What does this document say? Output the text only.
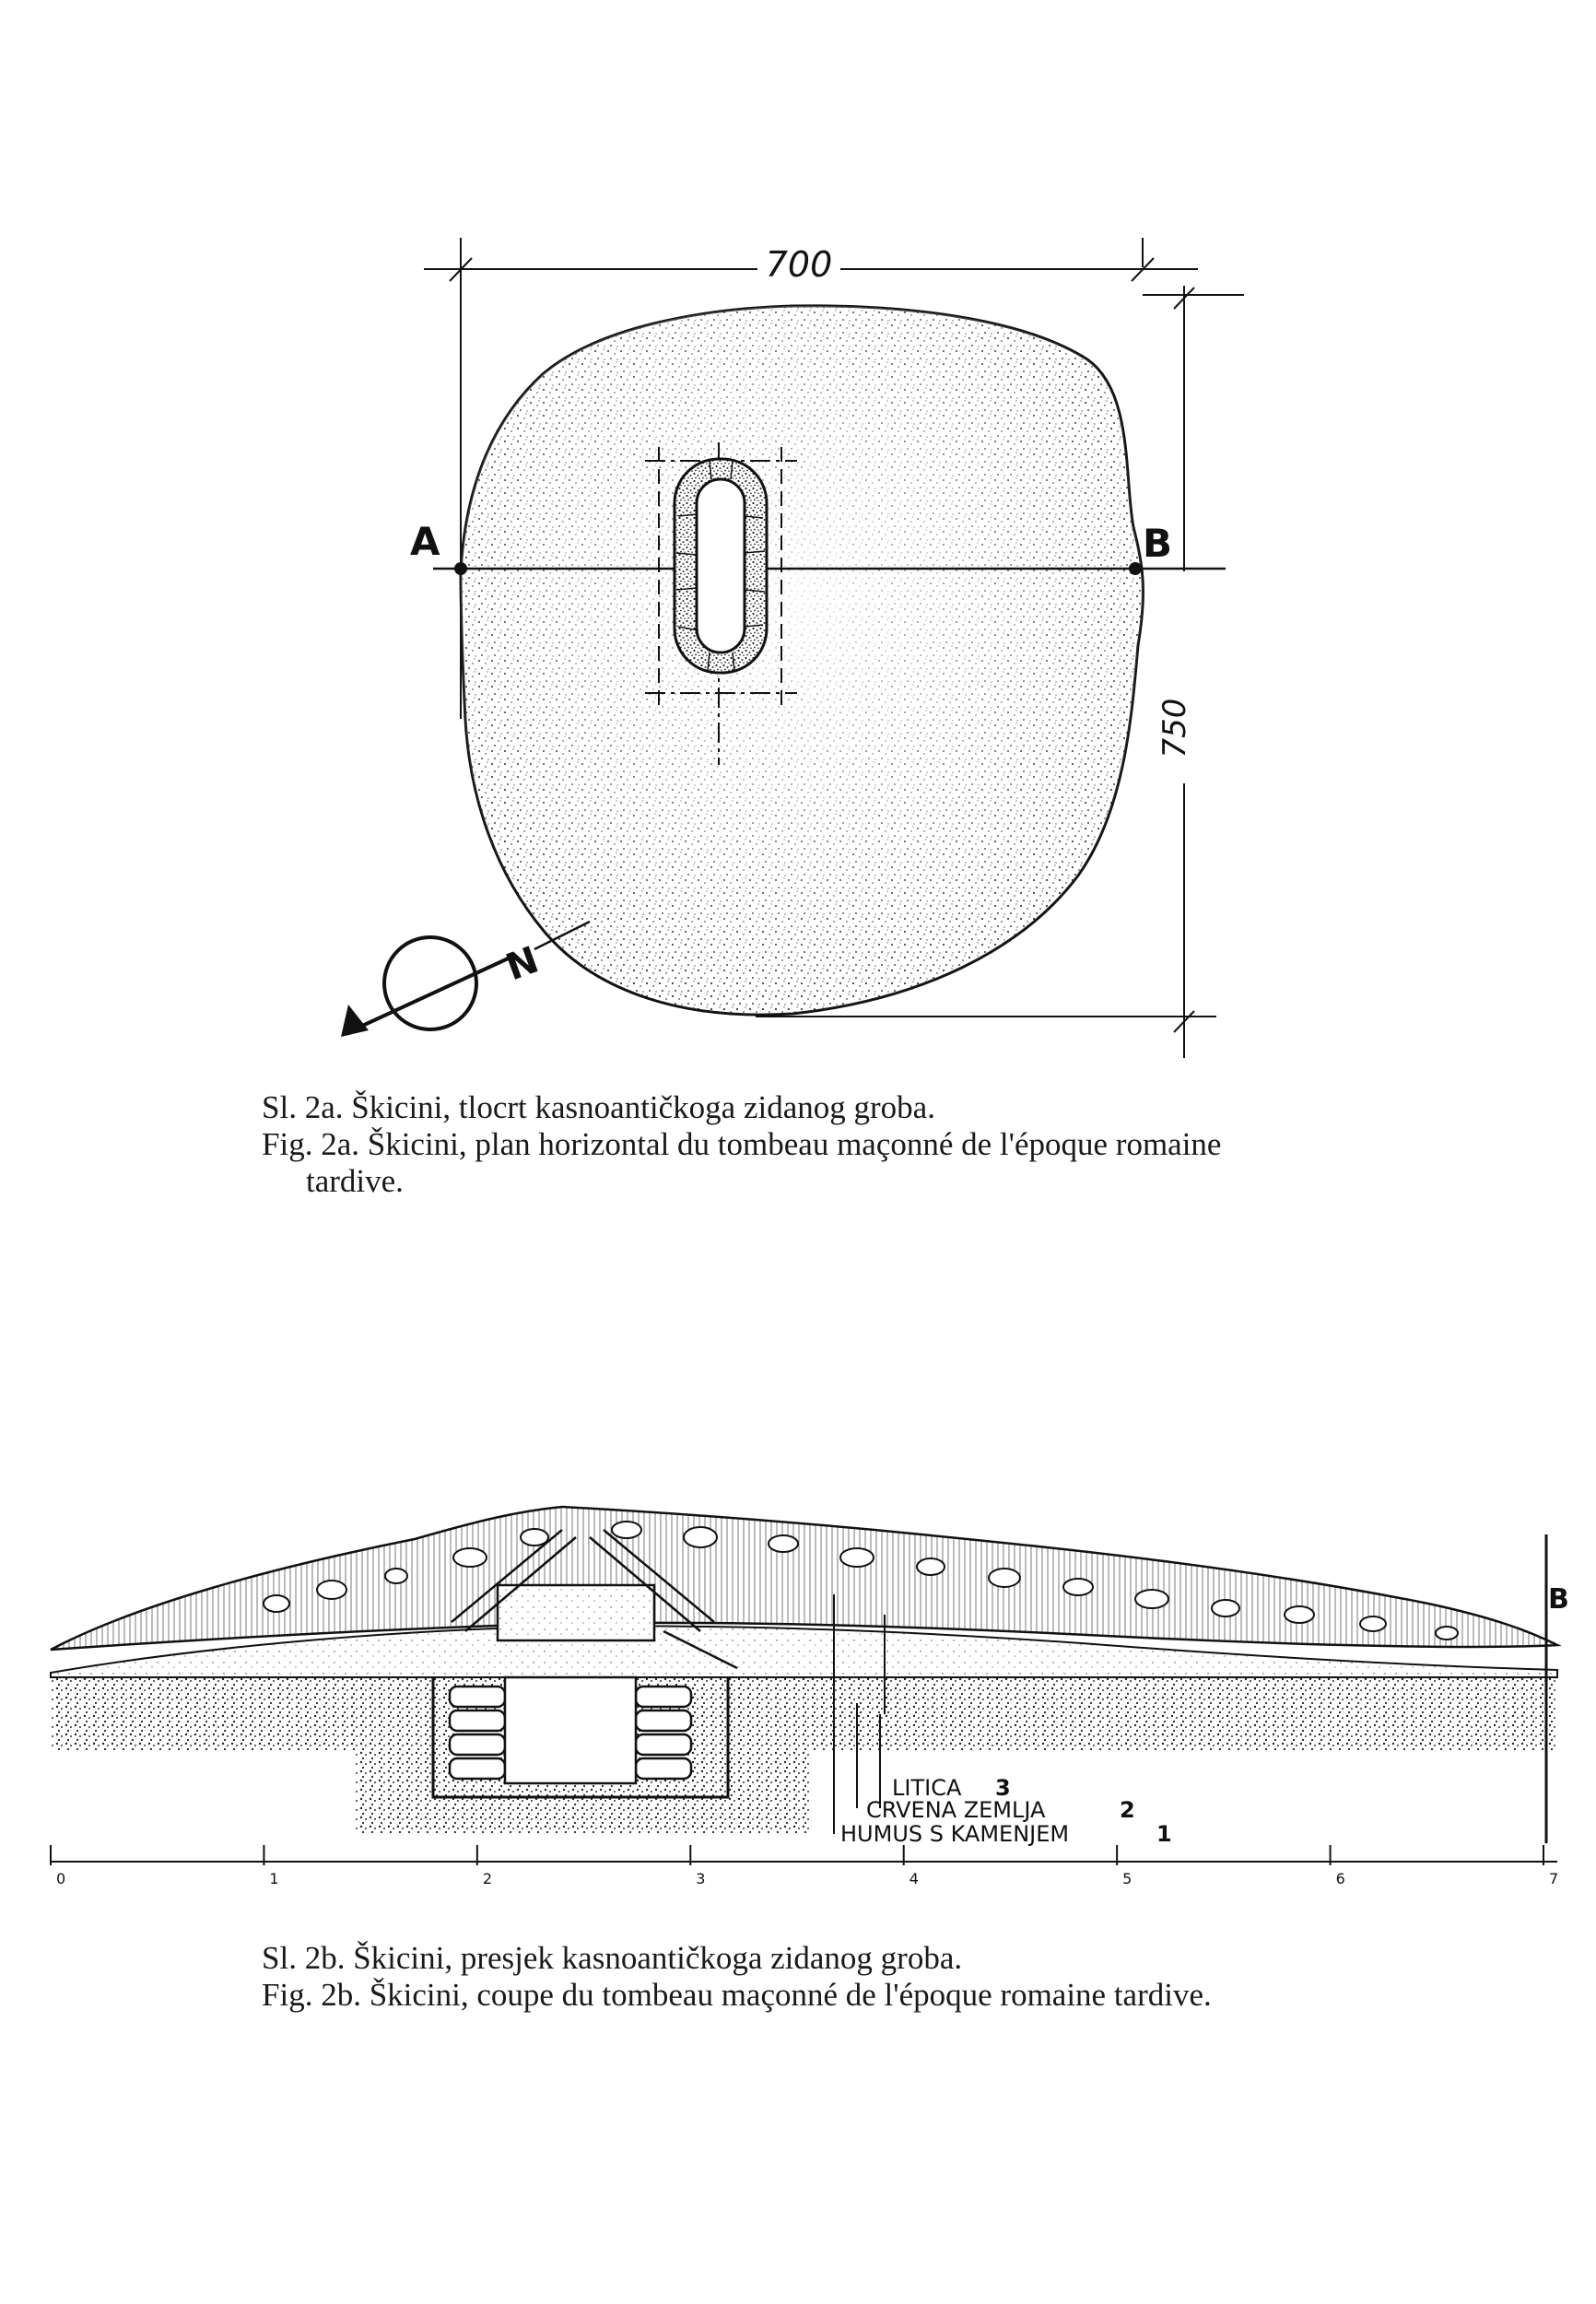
700
750
A	B
N
Sl. 2a. Škicini, tlocrt kasnoantičkoga zidanog groba.
Fig. 2a. Škicini, plan horizontal du tombeau maçonné de l'époque romaine
tardive.
B
LITICA 3
CRVENA ZEMLJA	2
HUMUS S KAMENJEM	1
0	1	2	3	4	5	6	7
Sl. 2b. Škicini, presjek kasnoantičkoga zidanog groba.
Fig. 2b. Škicini, coupe du tombeau maçonné de l'époque romaine tardive.
